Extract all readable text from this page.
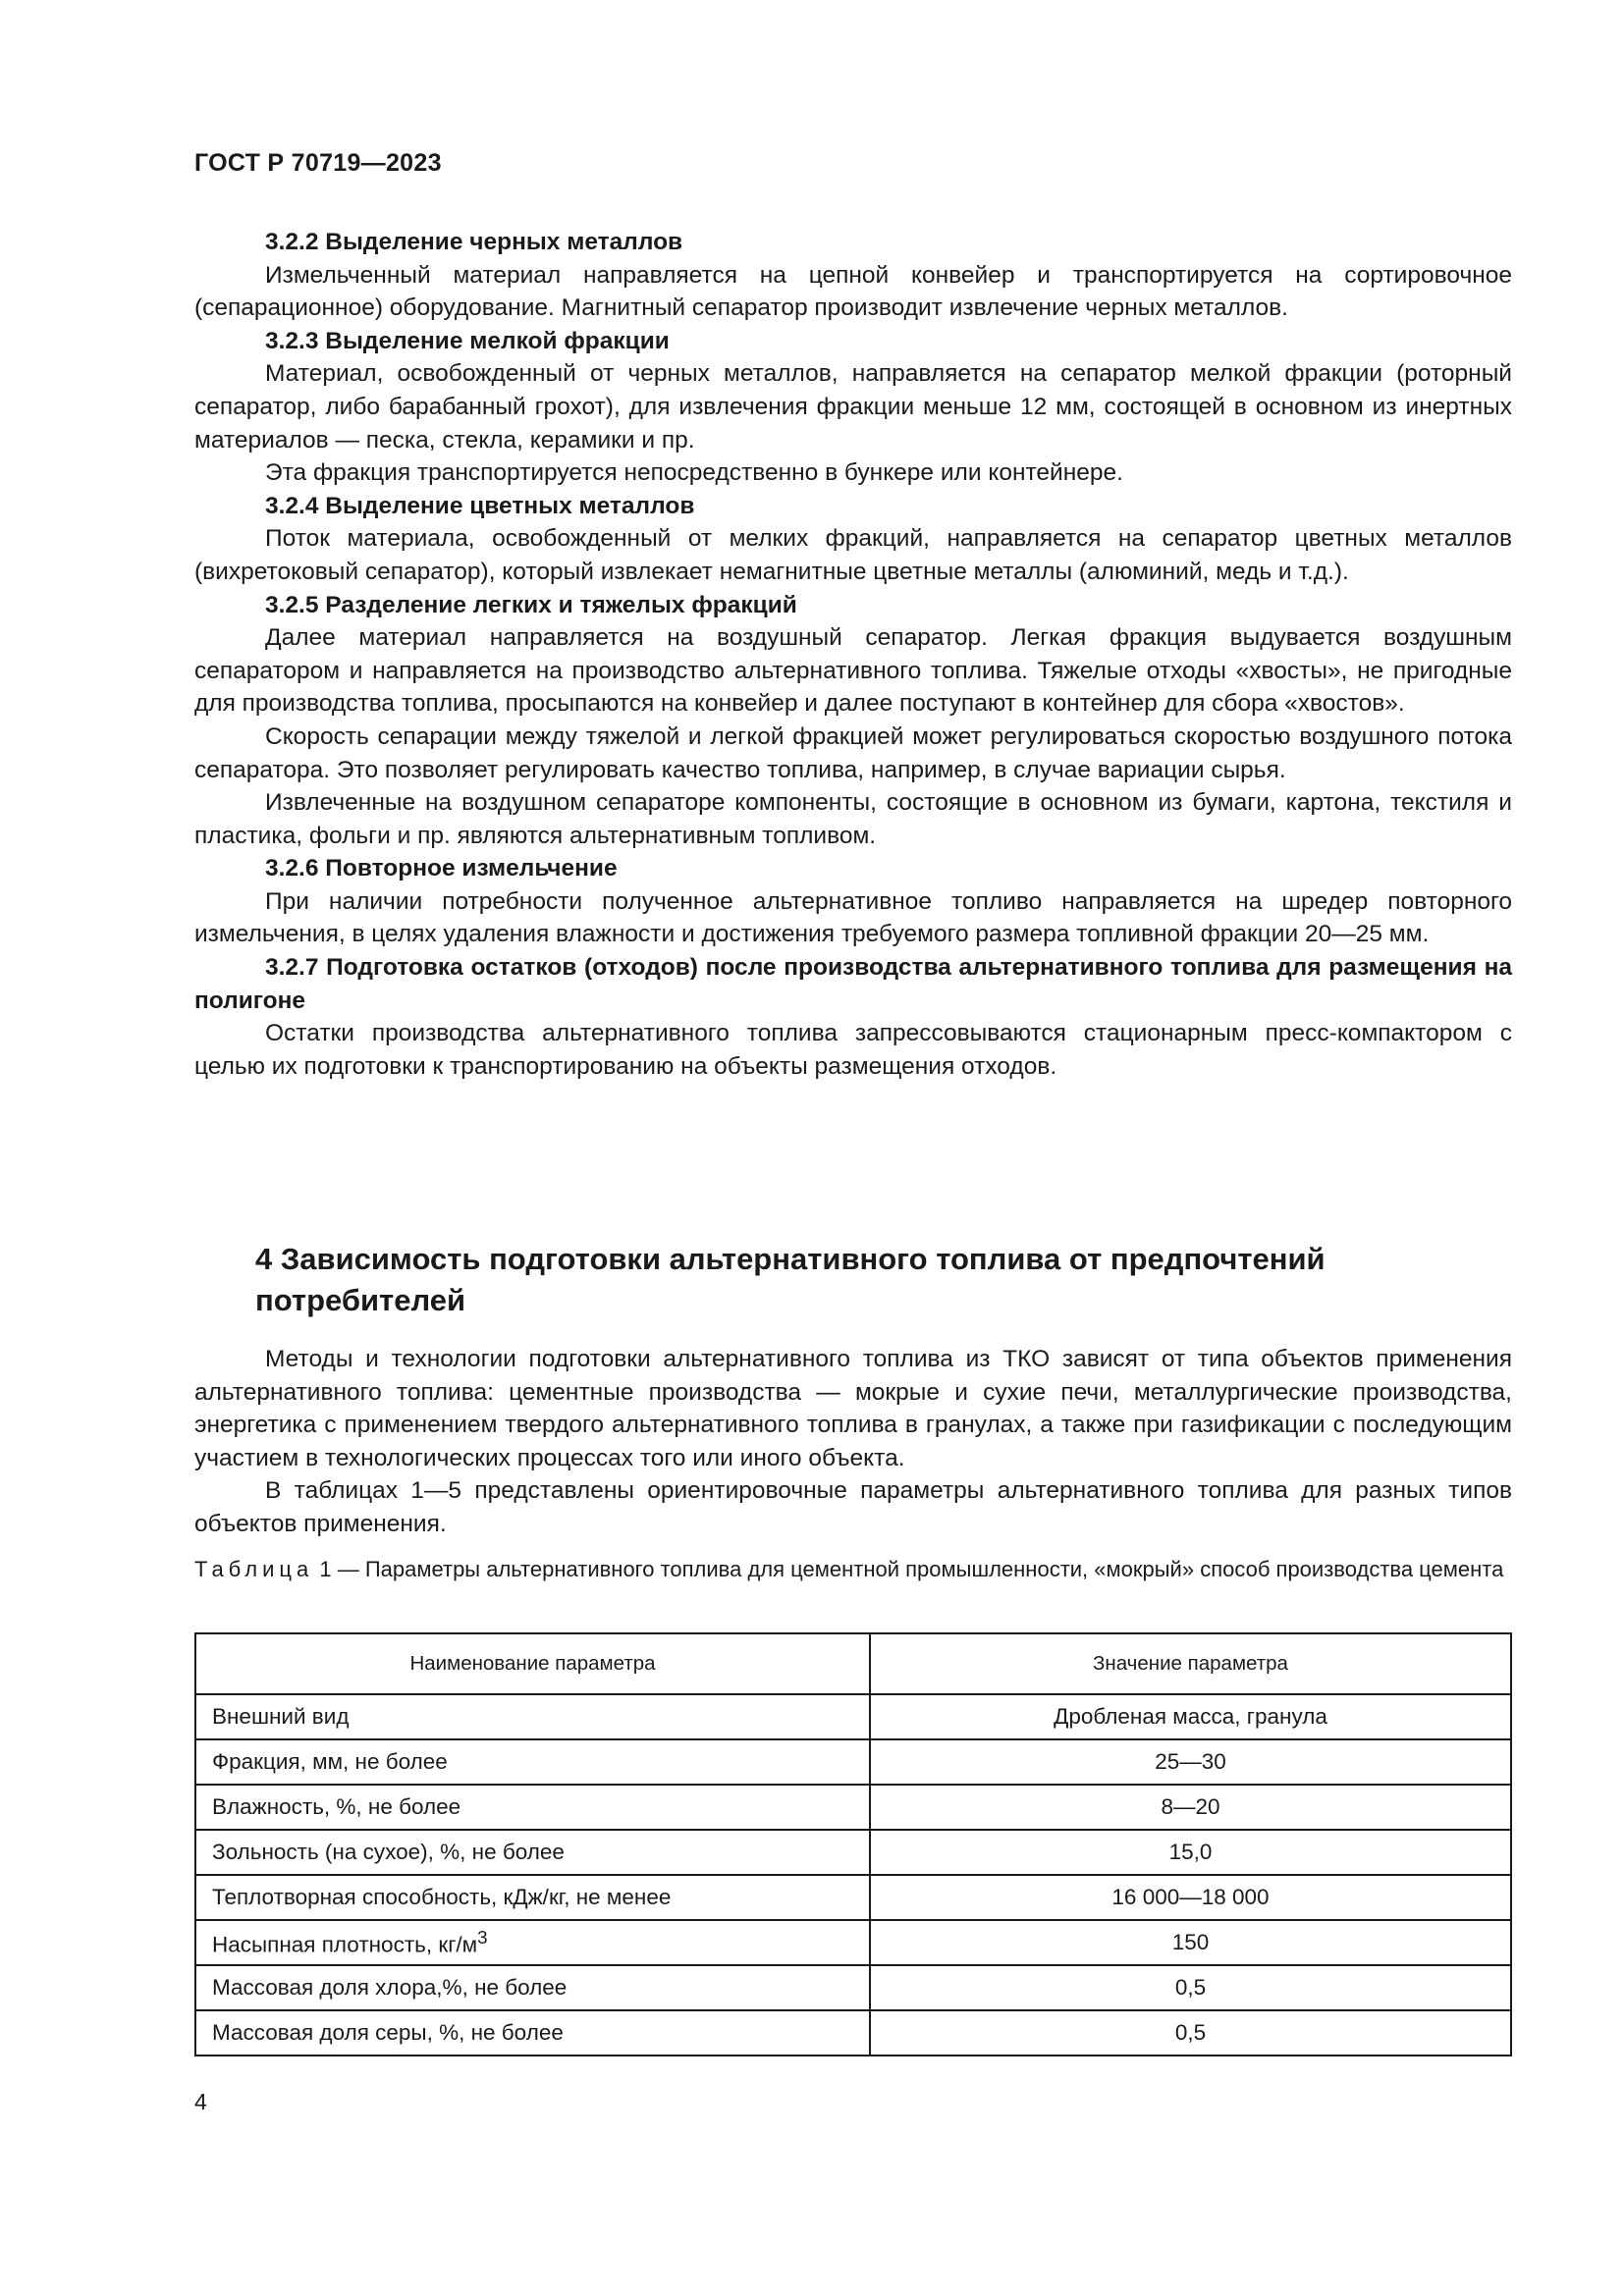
ГОСТ Р 70719—2023

3.2.2 Выделение черных металлов

Измельченный материал направляется на цепной конвейер и транспортируется на сортировочное (сепарационное) оборудование. Магнитный сепаратор производит извлечение черных металлов.

3.2.3 Выделение мелкой фракции

Материал, освобожденный от черных металлов, направляется на сепаратор мелкой фракции (роторный сепаратор, либо барабанный грохот), для извлечения фракции меньше 12 мм, состоящей в основном из инертных материалов — песка, стекла, керамики и пр.

Эта фракция транспортируется непосредственно в бункере или контейнере.

3.2.4 Выделение цветных металлов

Поток материала, освобожденный от мелких фракций, направляется на сепаратор цветных металлов (вихретоковый сепаратор), который извлекает немагнитные цветные металлы (алюминий, медь и т.д.).

3.2.5 Разделение легких и тяжелых фракций

Далее материал направляется на воздушный сепаратор. Легкая фракция выдувается воздушным сепаратором и направляется на производство альтернативного топлива. Тяжелые отходы «хвосты», не пригодные для производства топлива, просыпаются на конвейер и далее поступают в контейнер для сбора «хвостов».

Скорость сепарации между тяжелой и легкой фракцией может регулироваться скоростью воздушного потока сепаратора. Это позволяет регулировать качество топлива, например, в случае вариации сырья.

Извлеченные на воздушном сепараторе компоненты, состоящие в основном из бумаги, картона, текстиля и пластика, фольги и пр. являются альтернативным топливом.

3.2.6 Повторное измельчение

При наличии потребности полученное альтернативное топливо направляется на шредер повторного измельчения, в целях удаления влажности и достижения требуемого размера топливной фракции 20—25 мм.

3.2.7 Подготовка остатков (отходов) после производства альтернативного топлива для размещения на полигоне

Остатки производства альтернативного топлива запрессовываются стационарным пресс-компактором с целью их подготовки к транспортированию на объекты размещения отходов.

4 Зависимость подготовки альтернативного топлива от предпочтений потребителей

Методы и технологии подготовки альтернативного топлива из ТКО зависят от типа объектов применения альтернативного топлива: цементные производства — мокрые и сухие печи, металлургические производства, энергетика с применением твердого альтернативного топлива в гранулах, а также при газификации с последующим участием в технологических процессах того или иного объекта.

В таблицах 1—5 представлены ориентировочные параметры альтернативного топлива для разных типов объектов применения.

Таблица 1 — Параметры альтернативного топлива для цементной промышленности, «мокрый» способ производства цемента
Наименование параметра	Значение параметра
Внешний вид	Дробленая масса, гранула
Фракция, мм, не более	25—30
Влажность, %, не более	8—20
Зольность (на сухое), %, не более	15,0
Теплотворная способность, кДж/кг, не менее	16 000—18 000
Насыпная плотность, $кг/м^3$	150
Массовая доля хлора,%, не более	0,5
Массовая доля серы, %, не более	0,5
4
